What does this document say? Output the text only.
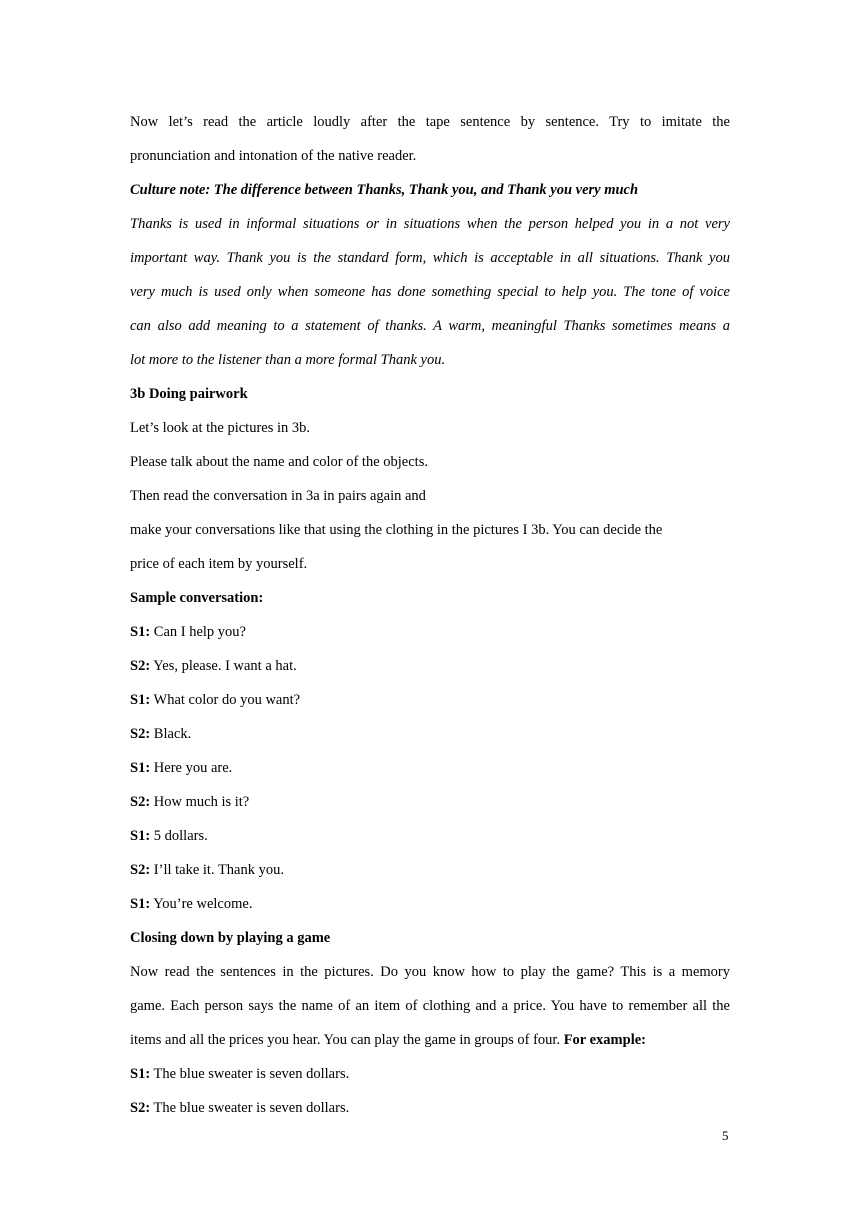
Now let’s read the article loudly after the tape sentence by sentence. Try to imitate the
pronunciation and intonation of the native reader.
Culture note: The difference between Thanks, Thank you, and Thank you very much
Thanks is used in informal situations or in situations when the person helped you in a not very
important way. Thank you is the standard form, which is acceptable in all situations. Thank you
very much is used only when someone has done something special to help you. The tone of voice
can also add meaning to a statement of thanks. A warm, meaningful Thanks sometimes means a
lot more to the listener than a more formal Thank you.
3b Doing pairwork
Let’s look at the pictures in 3b.
Please talk about the name and color of the objects.
Then read the conversation in 3a in pairs again and
make your conversations like that using the clothing in the pictures I 3b. You can decide the
price of each item by yourself.
Sample conversation:
S1: Can I help you?
S2: Yes, please. I want a hat.
S1: What color do you want?
S2: Black.
S1: Here you are.
S2: How much is it?
S1: 5 dollars.
S2: I’ll take it. Thank you.
S1: You’re welcome.
Closing down by playing a game
Now read the sentences in the pictures. Do you know how to play the game? This is a memory
game. Each person says the name of an item of clothing and a price. You have to remember all the
items and all the prices you hear. You can play the game in groups of four. For example:
S1: The blue sweater is seven dollars.
S2: The blue sweater is seven dollars.
5
